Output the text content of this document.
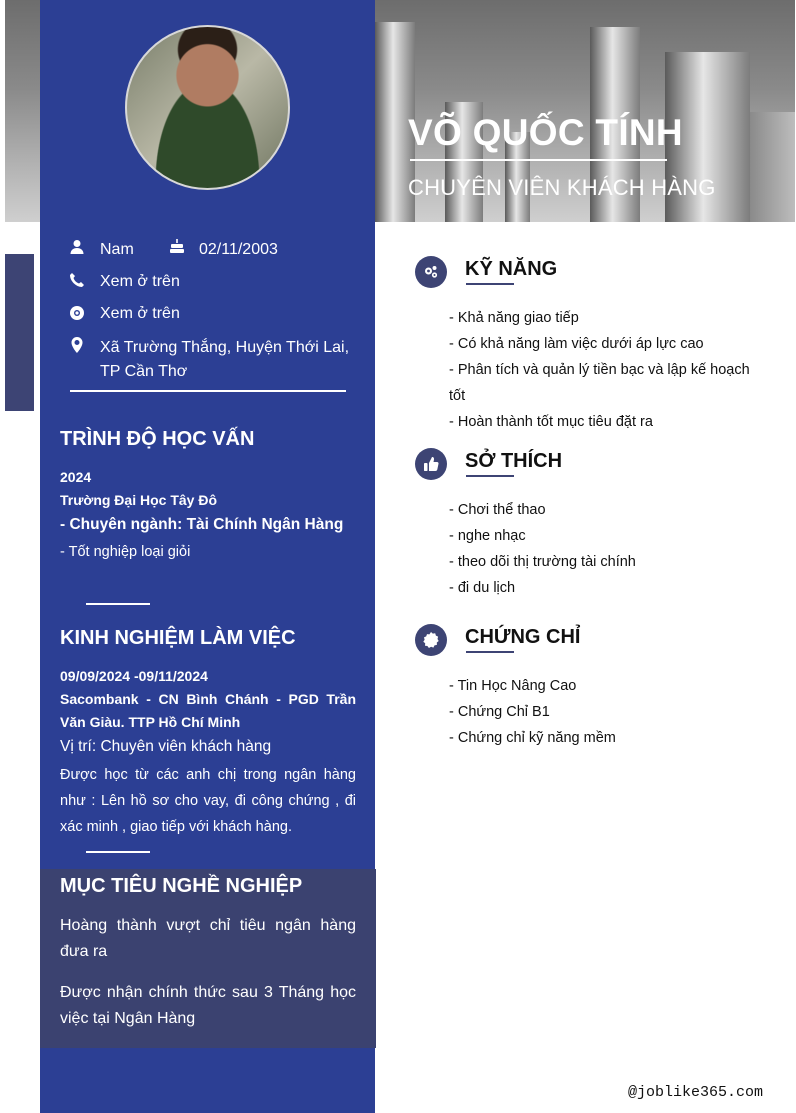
VÕ QUỐC TÍNH
CHUYÊN VIÊN KHÁCH HÀNG
Nam	02/11/2003
Xem ở trên
Xem ở trên
Xã Trường Thắng, Huyện Thới Lai, TP Cần Thơ
TRÌNH ĐỘ HỌC VẤN
2024
Trường Đại Học Tây Đô
- Chuyên ngành: Tài Chính Ngân Hàng
- Tốt nghiệp loại giỏi
KINH NGHIỆM LÀM VIỆC
09/09/2024 -09/11/2024
Sacombank - CN Bình Chánh - PGD Trần Văn Giàu. TTP Hồ Chí Minh
Vị trí: Chuyên viên khách hàng
Được học từ các anh chị trong ngân hàng như : Lên hồ sơ cho vay, đi công chứng , đi xác minh , giao tiếp với khách hàng.
MỤC TIÊU NGHỀ NGHIỆP
Hoàng thành vượt chỉ tiêu ngân hàng đưa ra
Được nhận chính thức sau 3 Tháng học việc tại Ngân Hàng
KỸ NĂNG
- Khả năng giao tiếp
- Có khả năng làm việc dưới áp lực cao
- Phân tích và quản lý tiền bạc và lập kế hoạch tốt
- Hoàn thành tốt mục tiêu đặt ra
SỞ THÍCH
- Chơi thể thao
- nghe nhạc
- theo dõi thị trường tài chính
- đi du lịch
CHỨNG CHỈ
- Tin Học Nâng Cao
- Chứng Chỉ B1
- Chứng chỉ kỹ năng mềm
@joblike365.com
